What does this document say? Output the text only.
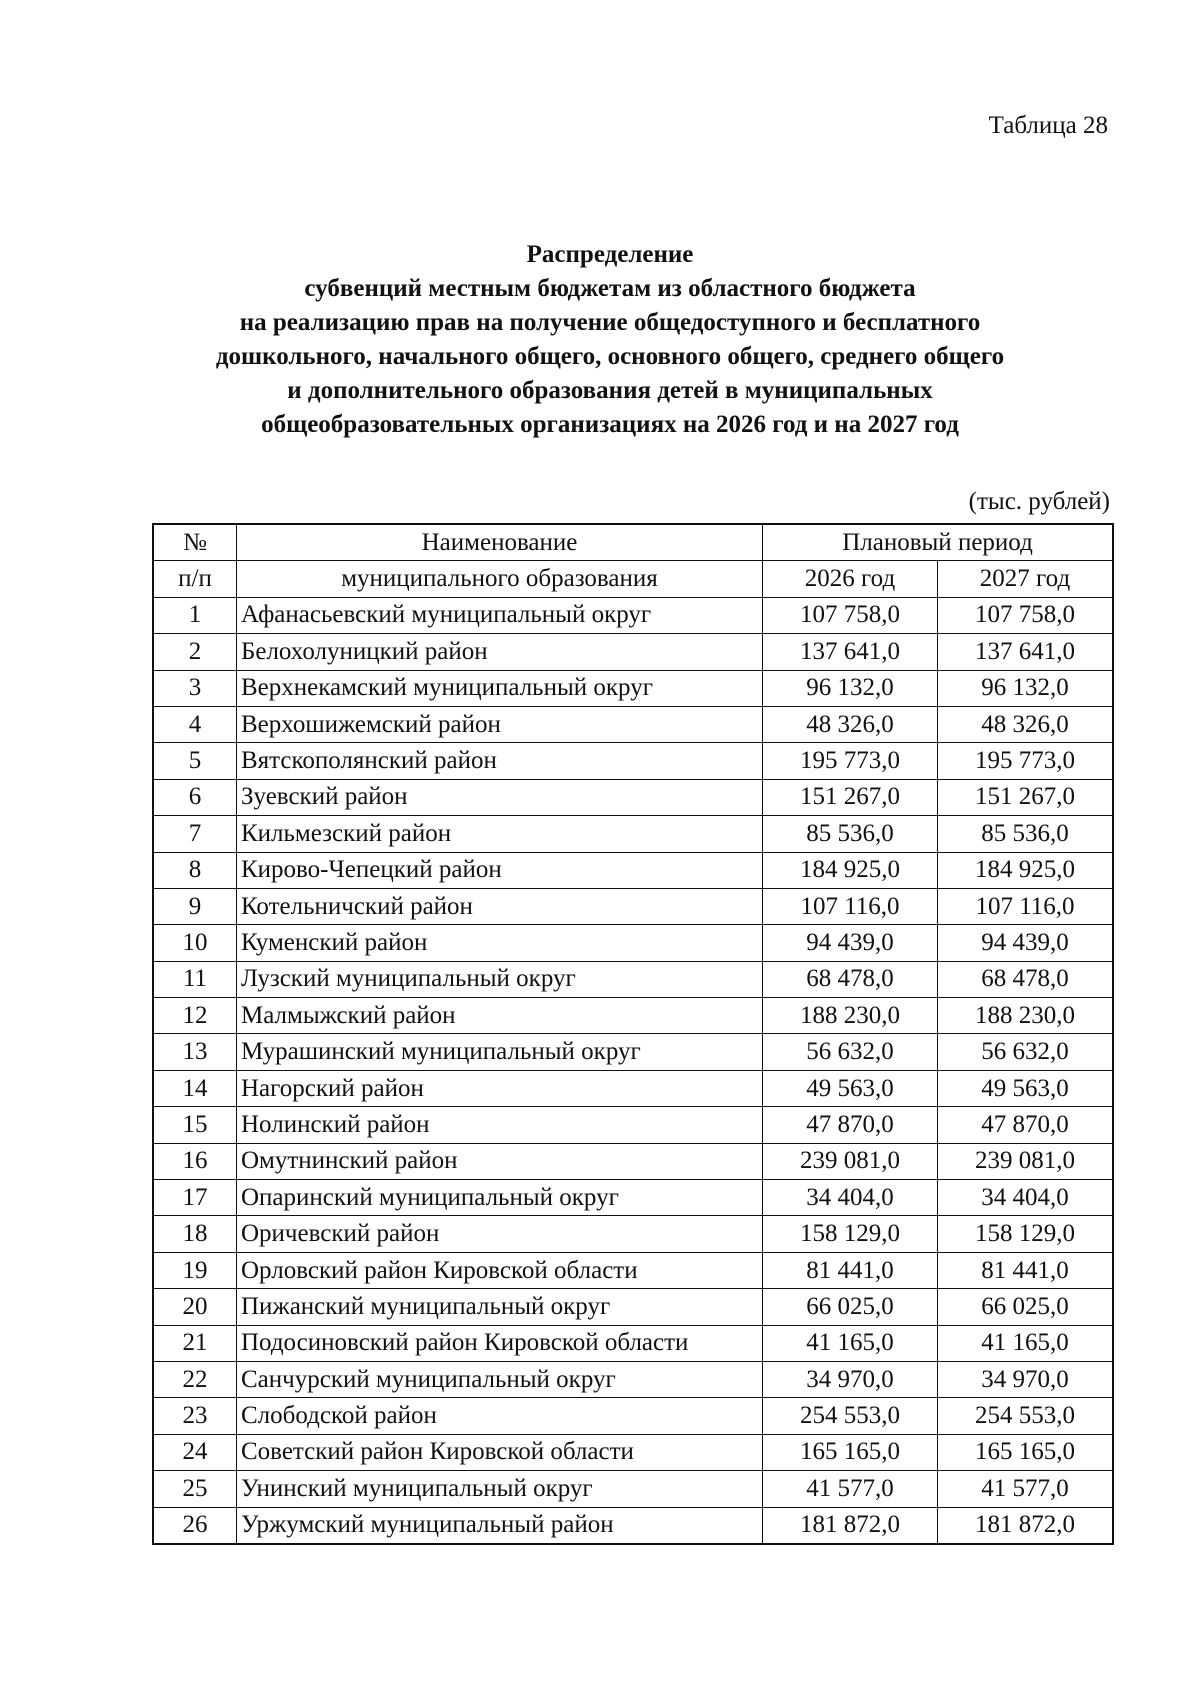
Таблица 28
Распределение
субвенций местным бюджетам из областного бюджета
на реализацию прав на получение общедоступного и бесплатного
дошкольного, начального общего, основного общего, среднего общего
и дополнительного образования детей в муниципальных
общеобразовательных организациях на 2026 год и на 2027 год
(тыс. рублей)
№	Наименование	Плановый период	
п/п	муниципального образования	2026 год	2027 год
1	Афанасьевский муниципальный округ	107 758,0	107 758,0
2	Белохолуницкий район	137 641,0	137 641,0
3	Верхнекамский муниципальный округ	96 132,0	96 132,0
4	Верхошижемский район	48 326,0	48 326,0
5	Вятскополянский район	195 773,0	195 773,0
6	Зуевский район	151 267,0	151 267,0
7	Кильмезский район	85 536,0	85 536,0
8	Кирово-Чепецкий район	184 925,0	184 925,0
9	Котельничский район	107 116,0	107 116,0
10	Куменский район	94 439,0	94 439,0
11	Лузский муниципальный округ	68 478,0	68 478,0
12	Малмыжский район	188 230,0	188 230,0
13	Мурашинский муниципальный округ	56 632,0	56 632,0
14	Нагорский район	49 563,0	49 563,0
15	Нолинский район	47 870,0	47 870,0
16	Омутнинский район	239 081,0	239 081,0
17	Опаринский муниципальный округ	34 404,0	34 404,0
18	Оричевский район	158 129,0	158 129,0
19	Орловский район Кировской области	81 441,0	81 441,0
20	Пижанский муниципальный округ	66 025,0	66 025,0
21	Подосиновский район Кировской области	41 165,0	41 165,0
22	Санчурский муниципальный округ	34 970,0	34 970,0
23	Слободской район	254 553,0	254 553,0
24	Советский район Кировской области	165 165,0	165 165,0
25	Унинский муниципальный округ	41 577,0	41 577,0
26	Уржумский муниципальный район	181 872,0	181 872,0
